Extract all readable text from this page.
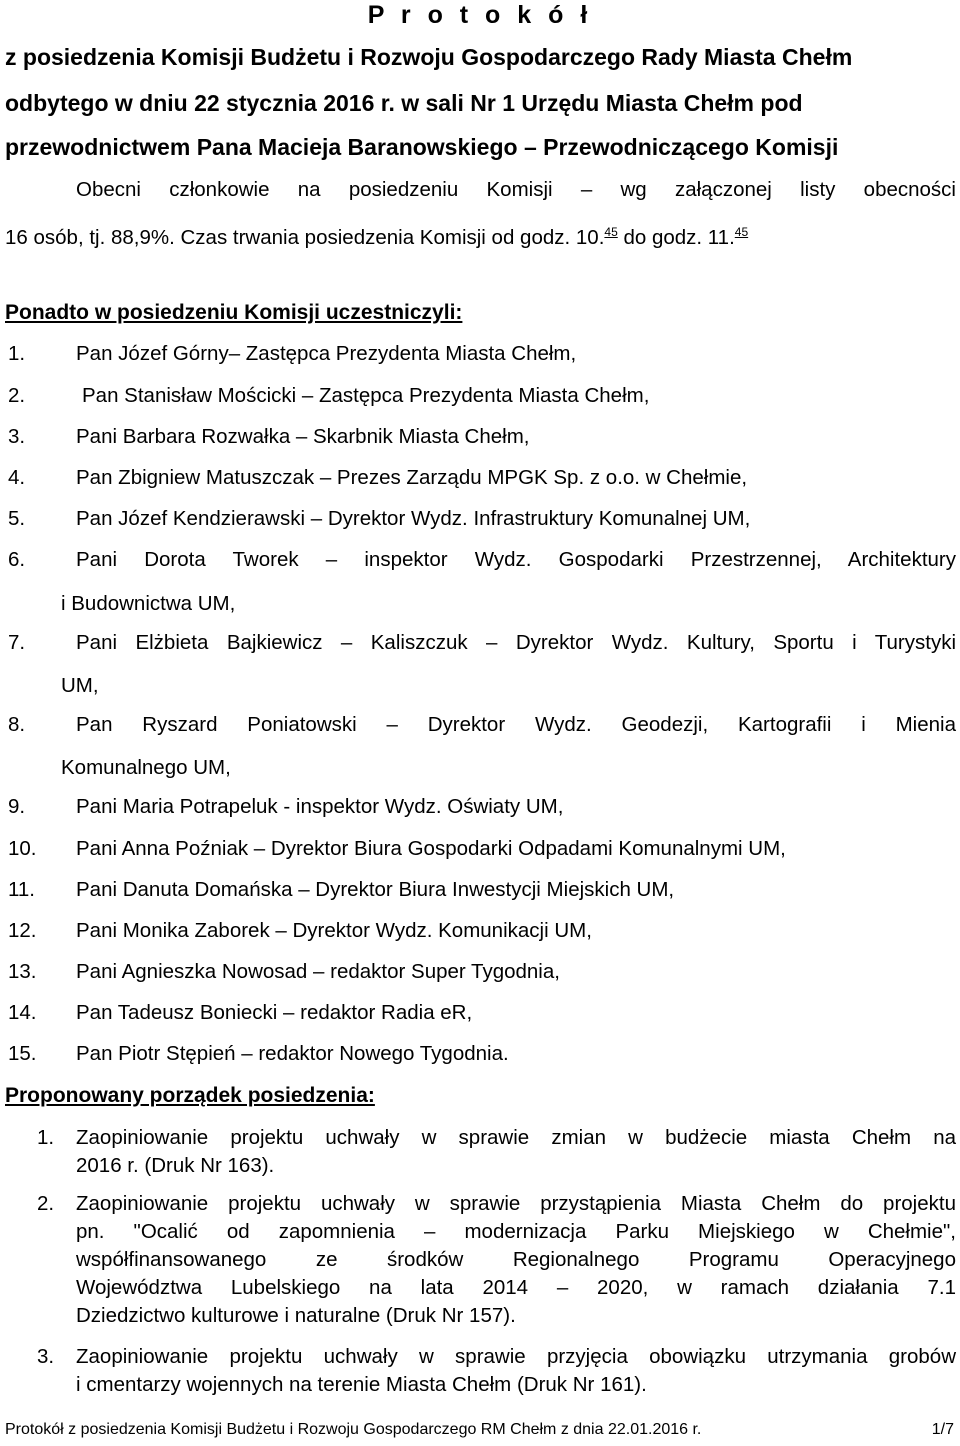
P r o t o k ó ł
z posiedzenia Komisji Budżetu i Rozwoju Gospodarczego Rady Miasta Chełm
odbytego w dniu 22 stycznia 2016 r. w sali Nr 1 Urzędu Miasta Chełm pod
przewodnictwem Pana Macieja Baranowskiego – Przewodniczącego Komisji
Obecni członkowie na posiedzeniu Komisji – wg załączonej listy obecności
16 osób, tj. 88,9%. Czas trwania posiedzenia Komisji od godz. 10.45 do godz. 11.45
Ponadto w posiedzeniu Komisji uczestniczyli:
1. Pan Józef Górny– Zastępca Prezydenta Miasta Chełm,
2.	Pan Stanisław Mościcki – Zastępca Prezydenta Miasta Chełm,
3. Pani Barbara Rozwałka – Skarbnik Miasta Chełm,
4. Pan Zbigniew Matuszczak – Prezes Zarządu MPGK Sp. z o.o. w Chełmie,
5. Pan Józef Kendzierawski – Dyrektor Wydz. Infrastruktury Komunalnej UM,
6. Pani Dorota Tworek – inspektor Wydz. Gospodarki Przestrzennej, Architektury
i Budownictwa UM,
7. Pani Elżbieta Bajkiewicz – Kaliszczuk – Dyrektor Wydz. Kultury, Sportu i Turystyki
UM,
8. Pan Ryszard Poniatowski – Dyrektor Wydz. Geodezji, Kartografii i Mienia
Komunalnego UM,
9. Pani Maria Potrapeluk - inspektor Wydz. Oświaty UM,
10. Pani Anna Poźniak – Dyrektor Biura Gospodarki Odpadami Komunalnymi UM,
11. Pani Danuta Domańska – Dyrektor Biura Inwestycji Miejskich UM,
12. Pani Monika Zaborek – Dyrektor Wydz. Komunikacji UM,
13. Pani Agnieszka Nowosad – redaktor Super Tygodnia,
14. Pan Tadeusz Boniecki – redaktor Radia eR,
15. Pan Piotr Stępień – redaktor Nowego Tygodnia.
Proponowany porządek posiedzenia:
1. Zaopiniowanie projektu uchwały w sprawie zmian w budżecie miasta Chełm na
2016 r. (Druk Nr 163).
2. Zaopiniowanie projektu uchwały w sprawie przystąpienia Miasta Chełm do projektu
pn. "Ocalić od zapomnienia – modernizacja Parku Miejskiego w Chełmie",
współfinansowanego ze środków Regionalnego Programu Operacyjnego
Województwa Lubelskiego na lata 2014 – 2020, w ramach działania 7.1
Dziedzictwo kulturowe i naturalne (Druk Nr 157).
3. Zaopiniowanie projektu uchwały w sprawie przyjęcia obowiązku utrzymania grobów
i cmentarzy wojennych na terenie Miasta Chełm (Druk Nr 161).
Protokół z posiedzenia Komisji Budżetu i Rozwoju Gospodarczego RM Chełm z dnia 22.01.2016 r.	1/7
